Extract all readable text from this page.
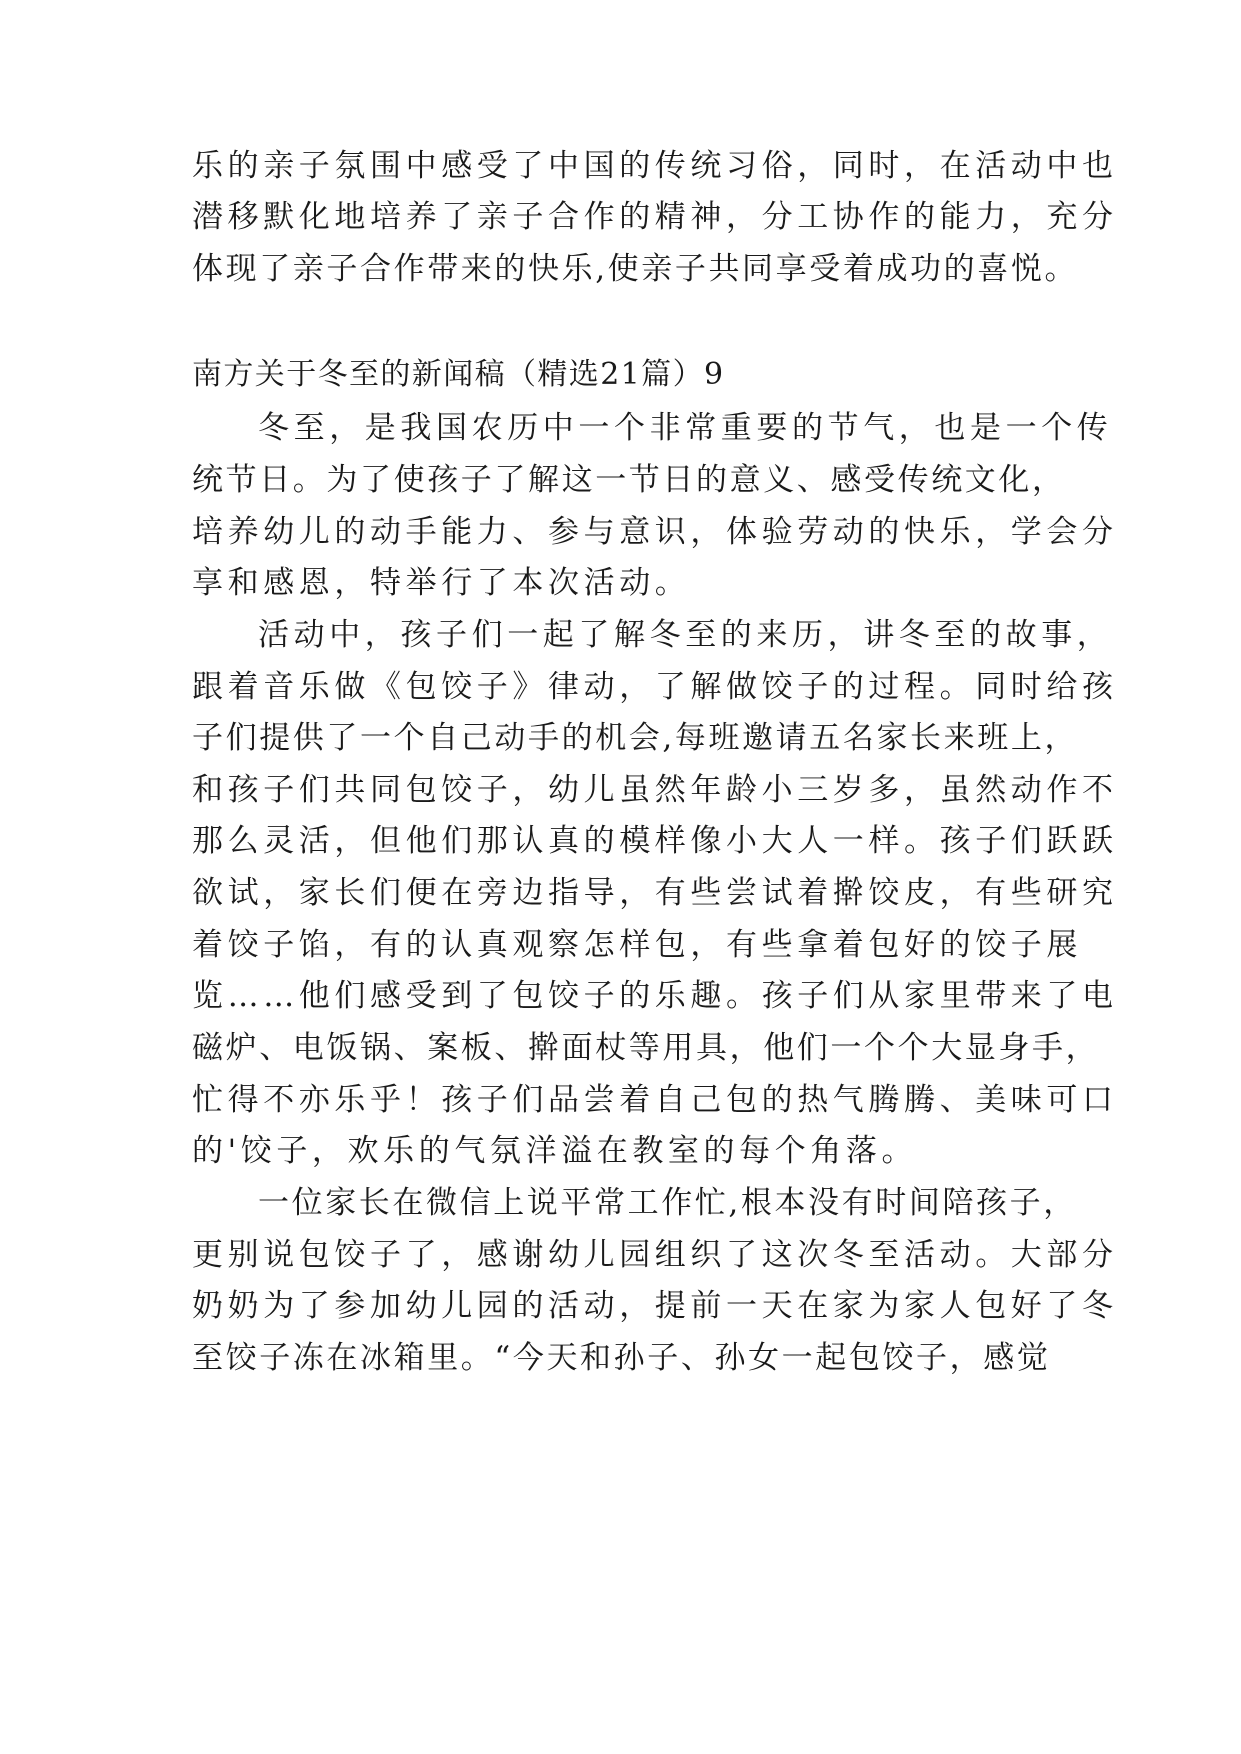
乐的亲子氛围中感受了中国的传统习俗，同时，在活动中也
潜移默化地培养了亲子合作的精神，分工协作的能力，充分
体现了亲子合作带来的快乐,使亲子共同享受着成功的喜悦。
南方关于冬至的新闻稿（精选21篇）9
冬至，是我国农历中一个非常重要的节气，也是一个传
统节日。为了使孩子了解这一节日的意义、感受传统文化，
培养幼儿的动手能力、参与意识，体验劳动的快乐，学会分
享和感恩，特举行了本次活动。
活动中，孩子们一起了解冬至的来历，讲冬至的故事，
跟着音乐做《包饺子》律动，了解做饺子的过程。同时给孩
子们提供了一个自己动手的机会,每班邀请五名家长来班上，
和孩子们共同包饺子，幼儿虽然年龄小三岁多，虽然动作不
那么灵活，但他们那认真的模样像小大人一样。孩子们跃跃
欲试，家长们便在旁边指导，有些尝试着擀饺皮，有些研究
着饺子馅，有的认真观察怎样包，有些拿着包好的饺子展
览……他们感受到了包饺子的乐趣。孩子们从家里带来了电
磁炉、电饭锅、案板、擀面杖等用具，他们一个个大显身手，
忙得不亦乐乎！孩子们品尝着自己包的热气腾腾、美味可口
的'饺子，欢乐的气氛洋溢在教室的每个角落。
一位家长在微信上说平常工作忙,根本没有时间陪孩子，
更别说包饺子了，感谢幼儿园组织了这次冬至活动。大部分
奶奶为了参加幼儿园的活动，提前一天在家为家人包好了冬
至饺子冻在冰箱里。“今天和孙子、孙女一起包饺子，感觉
